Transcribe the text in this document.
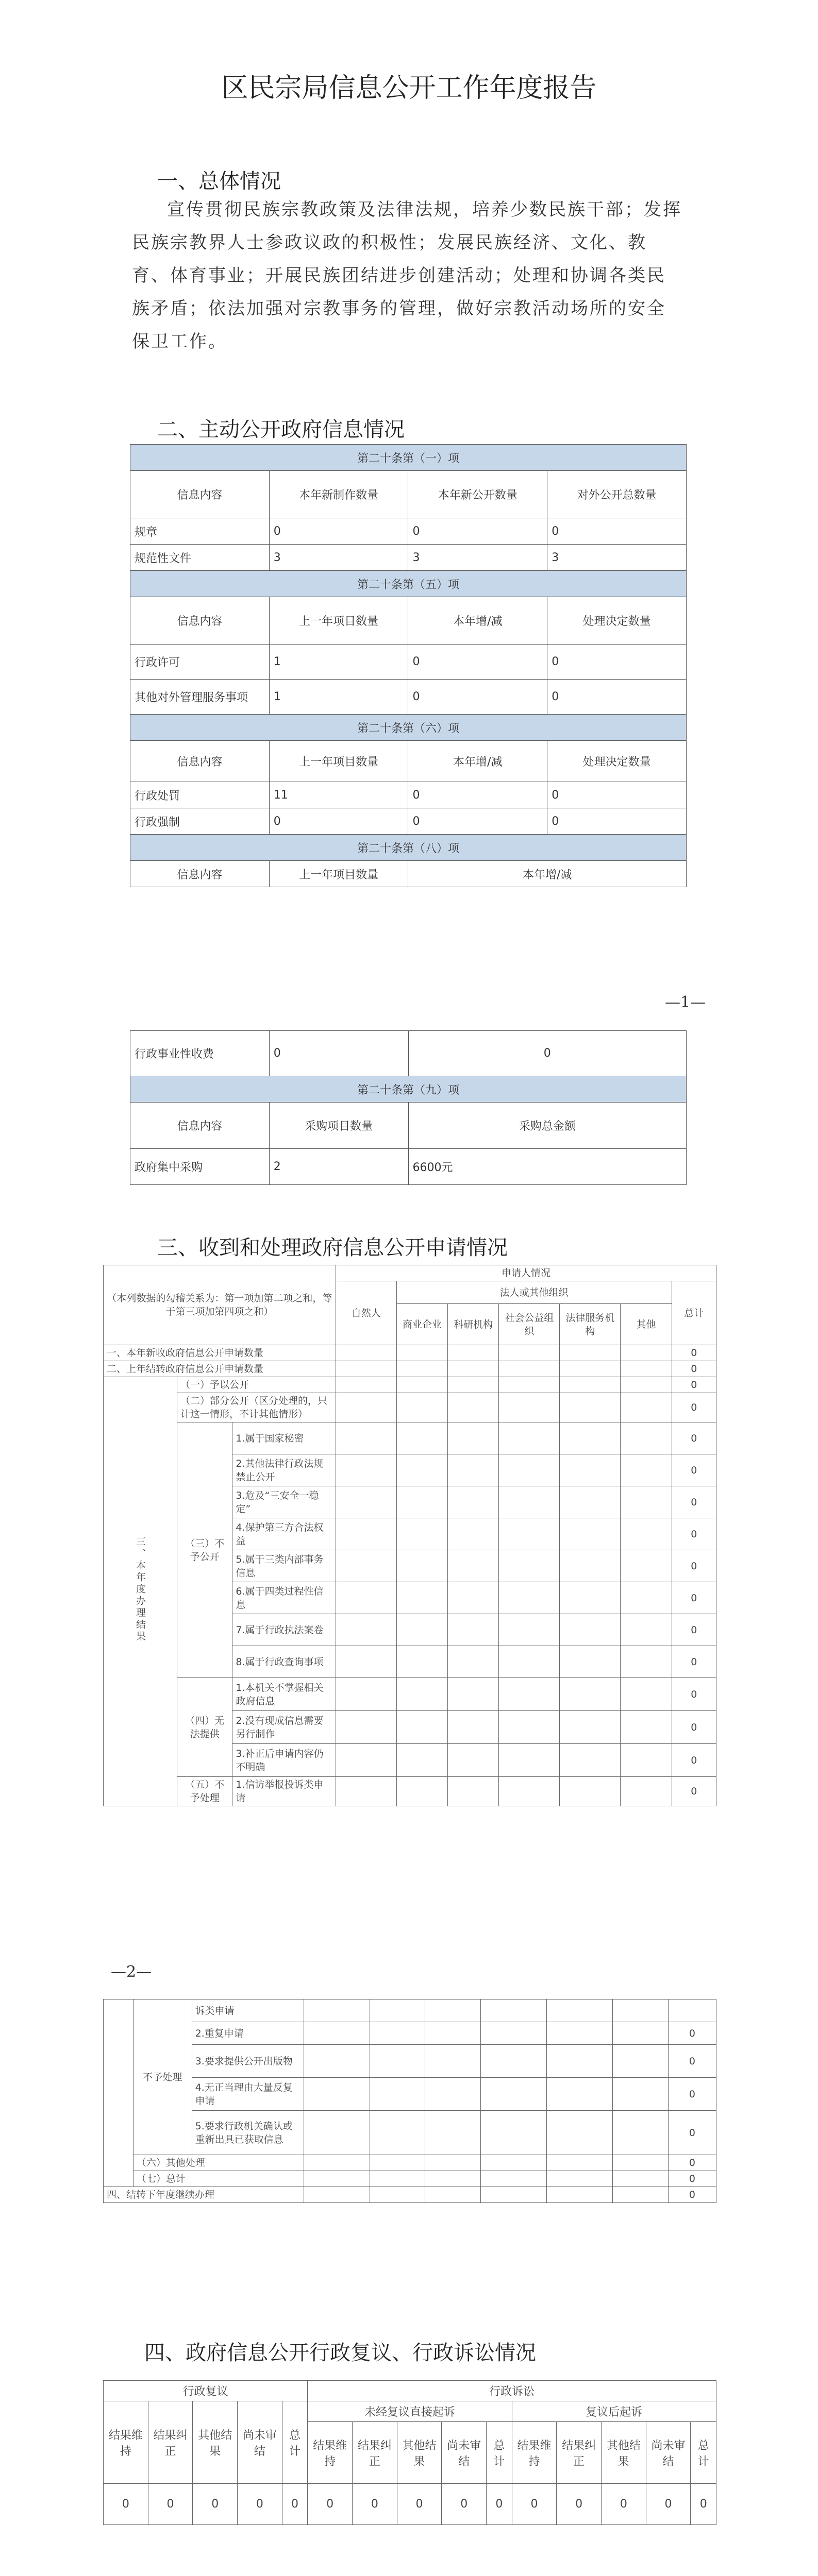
区民宗局信息公开工作年度报告
一、总体情况
宣传贯彻民族宗教政策及法律法规，培养少数民族干部；发挥民族宗教界人士参政议政的积极性；发展民族经济、文化、教育、体育事业；开展民族团结进步创建活动；处理和协调各类民族矛盾；依法加强对宗教事务的管理，做好宗教活动场所的安全保卫工作。
二、主动公开政府信息情况
第二十条第（一）项			
信息内容	本年新制作数量	本年新公开数量	对外公开总数量
规章	0	0	0
规范性文件	3	3	3
第二十条第（五）项			
信息内容	上一年项目数量	本年增/减	处理决定数量
行政许可	1	0	0
其他对外管理服务事项	1	0	0
第二十条第（六）项			
信息内容	上一年项目数量	本年增/减	处理决定数量
行政处罚	11	0	0
行政强制	0	0	0
第二十条第（八）项			
信息内容	上一年项目数量	本年增/减	
—1—
行政事业性收费	0	0
第二十条第（九）项		
信息内容	采购项目数量	采购总金额
政府集中采购	2	6600元
三、收到和处理政府信息公开申请情况
（本列数据的勾稽关系为：第一项加第二项之和，等于第三项加第四项之和）			申请人情况						
			自然人	法人或其他组织					总计
				商业企业	科研机构	社会公益组织	法律服务机构	其他	
一、本年新收政府信息公开申请数量									0
二、上年结转政府信息公开申请数量									0
三、本年度办理结果	（一）予以公开								0
	（二）部分公开（区分处理的，只计这一情形，不计其他情形）								0
	（三）不予公开	1.属于国家秘密							0
		2.其他法律行政法规禁止公开							0
		3.危及“三安全一稳定”							0
		4.保护第三方合法权益							0
		5.属于三类内部事务信息							0
		6.属于四类过程性信息							0
		7.属于行政执法案卷							0
		8.属于行政查询事项							0
	（四）无法提供	1.本机关不掌握相关政府信息							0
		2.没有现成信息需要另行制作							0
		3.补正后申请内容仍不明确							0
	（五）不予处理	1.信访举报投诉类申请							0
—2—
	不予处理	诉类申请							
		2.重复申请							0
		3.要求提供公开出版物							0
		4.无正当理由大量反复申请							0
		5.要求行政机关确认或重新出具已获取信息							0
	（六）其他处理								0
	（七）总计								0
四、结转下年度继续办理									0
四、政府信息公开行政复议、行政诉讼情况
行政复议					行政诉讼									
结果维持	结果纠正	其他结果	尚未审结	总计	未经复议直接起诉					复议后起诉				
					结果维持	结果纠正	其他结果	尚未审结	总计	结果维持	结果纠正	其他结果	尚未审结	总计
0	0	0	0	0	0	0	0	0	0	0	0	0	0	0
